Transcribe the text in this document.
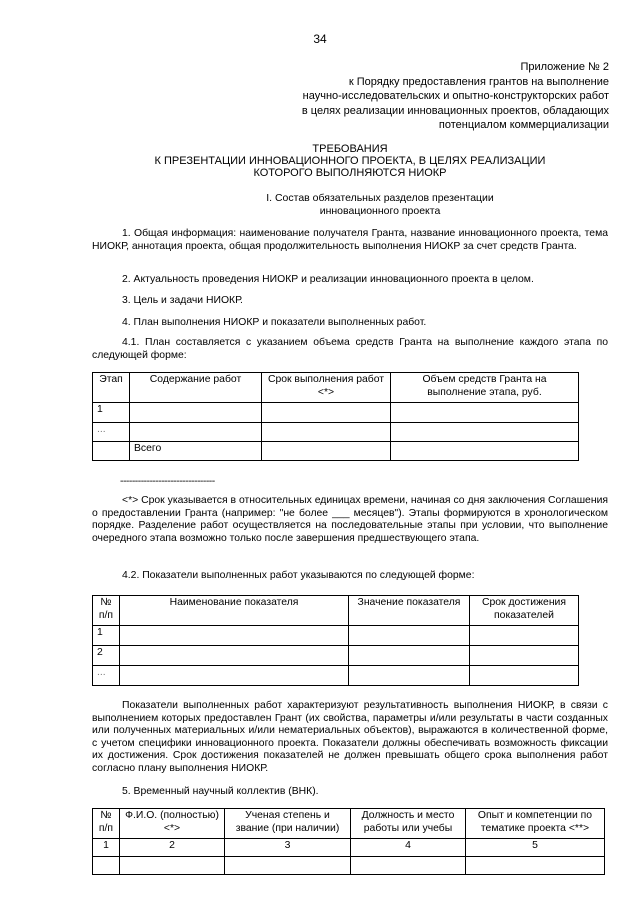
34
Приложение № 2
к Порядку предоставления грантов на выполнение
научно-исследовательских и опытно-конструкторских работ
в целях реализации инновационных проектов, обладающих
потенциалом коммерциализации
ТРЕБОВАНИЯ
К ПРЕЗЕНТАЦИИ ИННОВАЦИОННОГО ПРОЕКТА, В ЦЕЛЯХ РЕАЛИЗАЦИИ
КОТОРОГО ВЫПОЛНЯЮТСЯ НИОКР
I. Состав обязательных разделов презентации
инновационного проекта
1. Общая информация: наименование получателя Гранта, название инновационного проекта, тема НИОКР, аннотация проекта, общая продолжительность выполнения НИОКР за счет средств Гранта.
2. Актуальность проведения НИОКР и реализации инновационного проекта в целом.
3. Цель и задачи НИОКР.
4. План выполнения НИОКР и показатели выполненных работ.
4.1. План составляется с указанием объема средств Гранта на выполнение каждого этапа по следующей форме:
Этап	Содержание работ	Срок выполнения работ <*>	Объем средств Гранта на выполнение этапа, руб.
1			
...			
	Всего		
--------------------------------
<*> Срок указывается в относительных единицах времени, начиная со дня заключения Соглашения о предоставлении Гранта (например: "не более ___ месяцев"). Этапы формируются в хронологическом порядке. Разделение работ осуществляется на последовательные этапы при условии, что выполнение очередного этапа возможно только после завершения предшествующего этапа.
4.2. Показатели выполненных работ указываются по следующей форме:
№ п/п	Наименование показателя	Значение показателя	Срок достижения показателей
1			
2			
...			
Показатели выполненных работ характеризуют результативность выполнения НИОКР, в связи с выполнением которых предоставлен Грант (их свойства, параметры и/или результаты в части созданных или полученных материальных и/или нематериальных объектов), выражаются в количественной форме, с учетом специфики инновационного проекта. Показатели должны обеспечивать возможность фиксации их достижения. Срок достижения показателей не должен превышать общего срока выполнения работ согласно плану выполнения НИОКР.
5. Временный научный коллектив (ВНК).
№ п/п	Ф.И.О. (полностью) <*>	Ученая степень и звание (при наличии)	Должность и место работы или учебы	Опыт и компетенции по тематике проекта <**>
1	2	3	4	5
